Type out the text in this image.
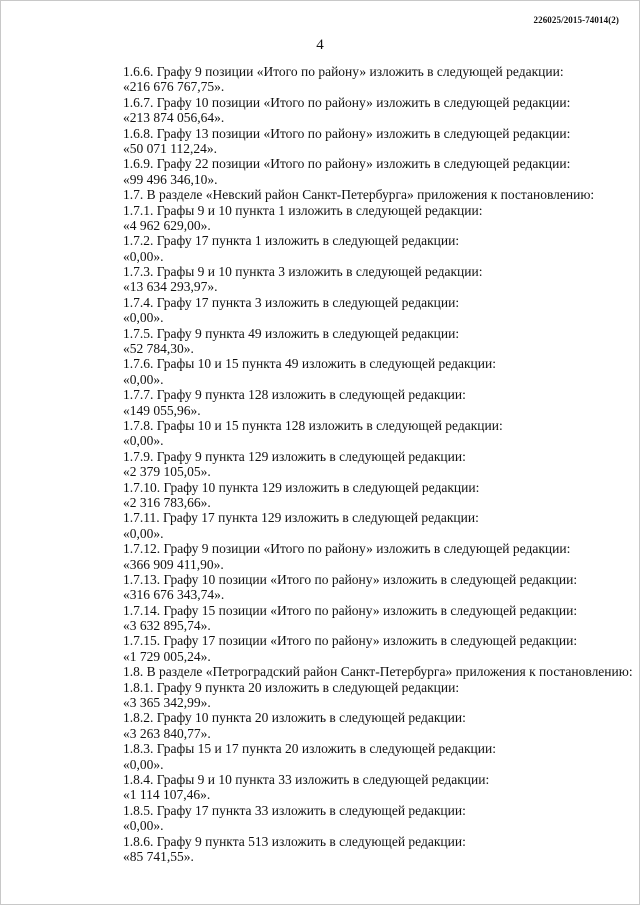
226025/2015-74014(2)
4
1.6.6. Графу 9 позиции «Итого по району» изложить в следующей редакции:
«216 676 767,75».
1.6.7. Графу 10 позиции «Итого по району» изложить в следующей редакции:
«213 874 056,64».
1.6.8. Графу 13 позиции «Итого по району» изложить в следующей редакции:
«50 071 112,24».
1.6.9. Графу 22 позиции «Итого по району» изложить в следующей редакции:
«99 496 346,10».
1.7. В разделе «Невский район Санкт-Петербурга» приложения к постановлению:
1.7.1. Графы 9 и 10 пункта 1 изложить в следующей редакции:
«4 962 629,00».
1.7.2. Графу 17 пункта 1 изложить в следующей редакции:
«0,00».
1.7.3. Графы 9 и 10 пункта 3 изложить в следующей редакции:
«13 634 293,97».
1.7.4. Графу 17 пункта 3 изложить в следующей редакции:
«0,00».
1.7.5. Графу 9 пункта 49 изложить в следующей редакции:
«52 784,30».
1.7.6. Графы 10 и 15 пункта 49 изложить в следующей редакции:
«0,00».
1.7.7. Графу 9 пункта 128 изложить в следующей редакции:
«149 055,96».
1.7.8. Графы 10 и 15 пункта 128 изложить в следующей редакции:
«0,00».
1.7.9. Графу 9 пункта 129 изложить в следующей редакции:
«2 379 105,05».
1.7.10. Графу 10 пункта 129 изложить в следующей редакции:
«2 316 783,66».
1.7.11. Графу 17 пункта 129 изложить в следующей редакции:
«0,00».
1.7.12. Графу 9 позиции «Итого по району» изложить в следующей редакции:
«366 909 411,90».
1.7.13. Графу 10 позиции «Итого по району» изложить в следующей редакции:
«316 676 343,74».
1.7.14. Графу 15 позиции «Итого по району» изложить в следующей редакции:
«3 632 895,74».
1.7.15. Графу 17 позиции «Итого по району» изложить в следующей редакции:
«1 729 005,24».
1.8. В разделе «Петроградский район Санкт-Петербурга» приложения к постановлению:
1.8.1. Графу 9 пункта 20 изложить в следующей редакции:
«3 365 342,99».
1.8.2. Графу 10 пункта 20 изложить в следующей редакции:
«3 263 840,77».
1.8.3. Графы 15 и 17 пункта 20 изложить в следующей редакции:
«0,00».
1.8.4. Графы 9 и 10 пункта 33 изложить в следующей редакции:
«1 114 107,46».
1.8.5. Графу 17 пункта 33 изложить в следующей редакции:
«0,00».
1.8.6. Графу 9 пункта 513 изложить в следующей редакции:
«85 741,55».
